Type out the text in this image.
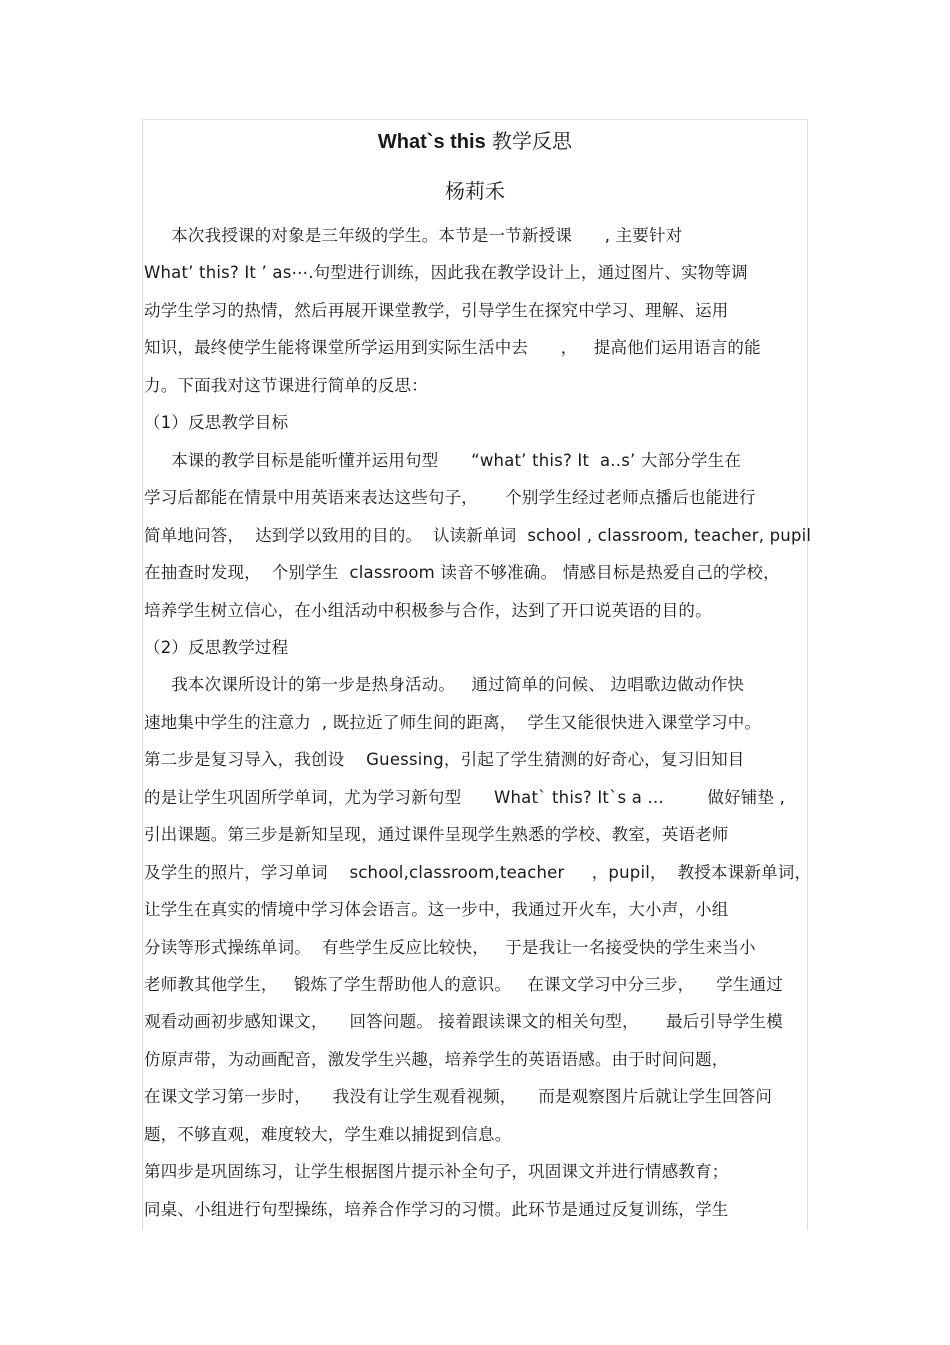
What`s this 教学反思
杨莉禾
本次我授课的对象是三年级的学生。本节是一节新授课      , 主要针对
What’ this? It ’ as⋯.句型进行训练，因此我在教学设计上，通过图片、实物等调
动学生学习的热情，然后再展开课堂教学，引导学生在探究中学习、理解、运用
知识，最终使学生能将课堂所学运用到实际生活中去      ，   提高他们运用语言的能
力。下面我对这节课进行简单的反思：
（1）反思教学目标
本课的教学目标是能听懂并运用句型      “what’ this? It  a..s’ 大部分学生在
学习后都能在情景中用英语来表达这些句子，     个别学生经过老师点播后也能进行
简单地问答，  达到学以致用的目的。  认读新单词  school , classroom, teacher, pupil
在抽查时发现，  个别学生  classroom 读音不够准确。 情感目标是热爱自己的学校，
培养学生树立信心，在小组活动中积极参与合作，达到了开口说英语的目的。
（2）反思教学过程
我本次课所设计的第一步是热身活动。   通过简单的问候、 边唱歌边做动作快
速地集中学生的注意力  , 既拉近了师生间的距离，  学生又能很快进入课堂学习中。
第二步是复习导入，我创设    Guessing，引起了学生猜测的好奇心，复习旧知目
的是让学生巩固所学单词，尤为学习新句型      What` this? It`s a ...        做好铺垫 ,
引出课题。第三步是新知呈现，通过课件呈现学生熟悉的学校、教室，英语老师
及学生的照片，学习单词    school,classroom,teacher     ，pupil，  教授本课新单词，
让学生在真实的情境中学习体会语言。这一步中，我通过开火车，大小声，小组
分读等形式操练单词。  有些学生反应比较快，   于是我让一名接受快的学生来当小
老师教其他学生，   锻炼了学生帮助他人的意识。   在课文学习中分三步，    学生通过
观看动画初步感知课文，    回答问题。 接着跟读课文的相关句型，     最后引导学生模
仿原声带，为动画配音，激发学生兴趣，培养学生的英语语感。由于时间问题，
在课文学习第一步时，    我没有让学生观看视频，    而是观察图片后就让学生回答问
题，不够直观，难度较大，学生难以捕捉到信息。
第四步是巩固练习，让学生根据图片提示补全句子，巩固课文并进行情感教育；
同桌、小组进行句型操练，培养合作学习的习惯。此环节是通过反复训练，学生
